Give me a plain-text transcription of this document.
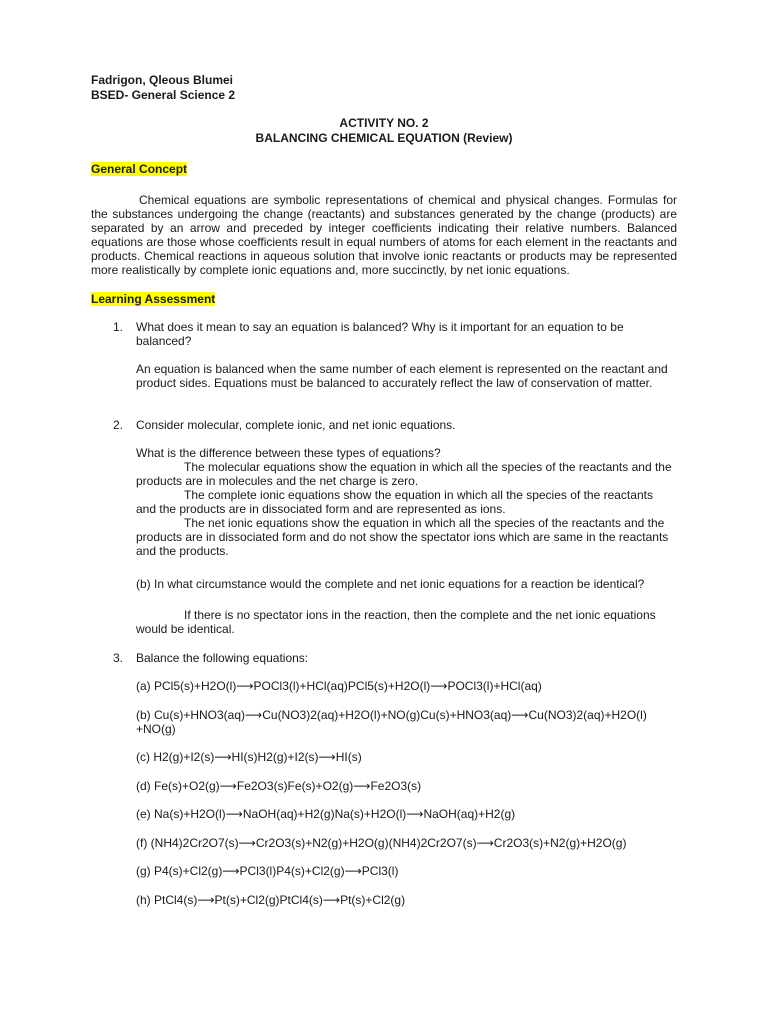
Fadrigon, Qleous Blumei
BSED- General Science 2
ACTIVITY NO. 2
BALANCING CHEMICAL EQUATION (Review)
General Concept
Chemical equations are symbolic representations of chemical and physical changes. Formulas for the substances undergoing the change (reactants) and substances generated by the change (products) are separated by an arrow and preceded by integer coefficients indicating their relative numbers. Balanced equations are those whose coefficients result in equal numbers of atoms for each element in the reactants and products. Chemical reactions in aqueous solution that involve ionic reactants or products may be represented more realistically by complete ionic equations and, more succinctly, by net ionic equations.
Learning Assessment
1. What does it mean to say an equation is balanced? Why is it important for an equation to be balanced?
An equation is balanced when the same number of each element is represented on the reactant and product sides. Equations must be balanced to accurately reflect the law of conservation of matter.
2. Consider molecular, complete ionic, and net ionic equations.
What is the difference between these types of equations?
The molecular equations show the equation in which all the species of the reactants and the products are in molecules and the net charge is zero.
The complete ionic equations show the equation in which all the species of the reactants and the products are in dissociated form and are represented as ions.
The net ionic equations show the equation in which all the species of the reactants and the products are in dissociated form and do not show the spectator ions which are same in the reactants and the products.
(b) In what circumstance would the complete and net ionic equations for a reaction be identical?
If there is no spectator ions in the reaction, then the complete and the net ionic equations would be identical.
3. Balance the following equations:
(a) PCl5(s)+H2O(l)⟶POCl3(l)+HCl(aq)PCl5(s)+H2O(l)⟶POCl3(l)+HCl(aq)
(b) Cu(s)+HNO3(aq)⟶Cu(NO3)2(aq)+H2O(l)+NO(g)Cu(s)+HNO3(aq)⟶Cu(NO3)2(aq)+H2O(l) +NO(g)
(c) H2(g)+I2(s)⟶HI(s)H2(g)+I2(s)⟶HI(s)
(d) Fe(s)+O2(g)⟶Fe2O3(s)Fe(s)+O2(g)⟶Fe2O3(s)
(e) Na(s)+H2O(l)⟶NaOH(aq)+H2(g)Na(s)+H2O(l)⟶NaOH(aq)+H2(g)
(f) (NH4)2Cr2O7(s)⟶Cr2O3(s)+N2(g)+H2O(g)(NH4)2Cr2O7(s)⟶Cr2O3(s)+N2(g)+H2O(g)
(g) P4(s)+Cl2(g)⟶PCl3(l)P4(s)+Cl2(g)⟶PCl3(l)
(h) PtCl4(s)⟶Pt(s)+Cl2(g)PtCl4(s)⟶Pt(s)+Cl2(g)
